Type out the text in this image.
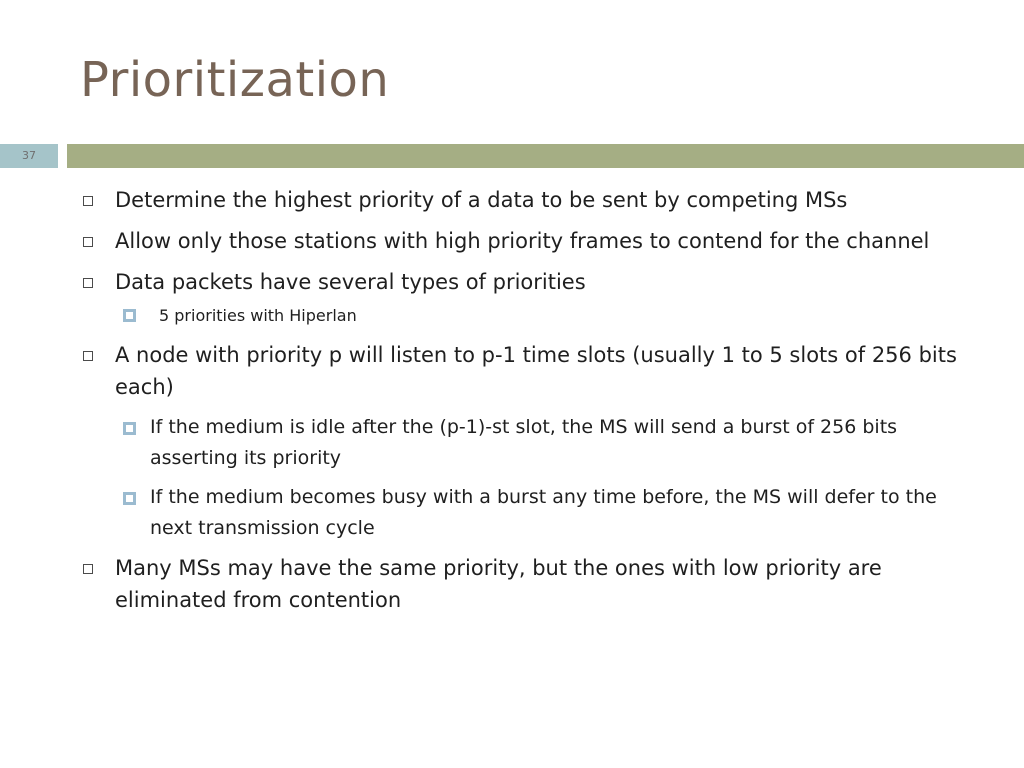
Prioritization
37
Determine the highest priority of a data to be sent by competing MSs
Allow only those stations with high priority frames to contend for the channel
Data packets have several types of priorities
5 priorities with Hiperlan
A node with priority p will listen to p-1 time slots (usually 1 to 5 slots of 256 bits each)
If the medium is idle after the (p-1)-st slot, the MS will send a burst of 256 bits asserting its priority
If the medium becomes busy with a burst any time before, the MS will defer to the next transmission cycle
Many MSs may have the same priority, but the ones with low priority are eliminated from contention
